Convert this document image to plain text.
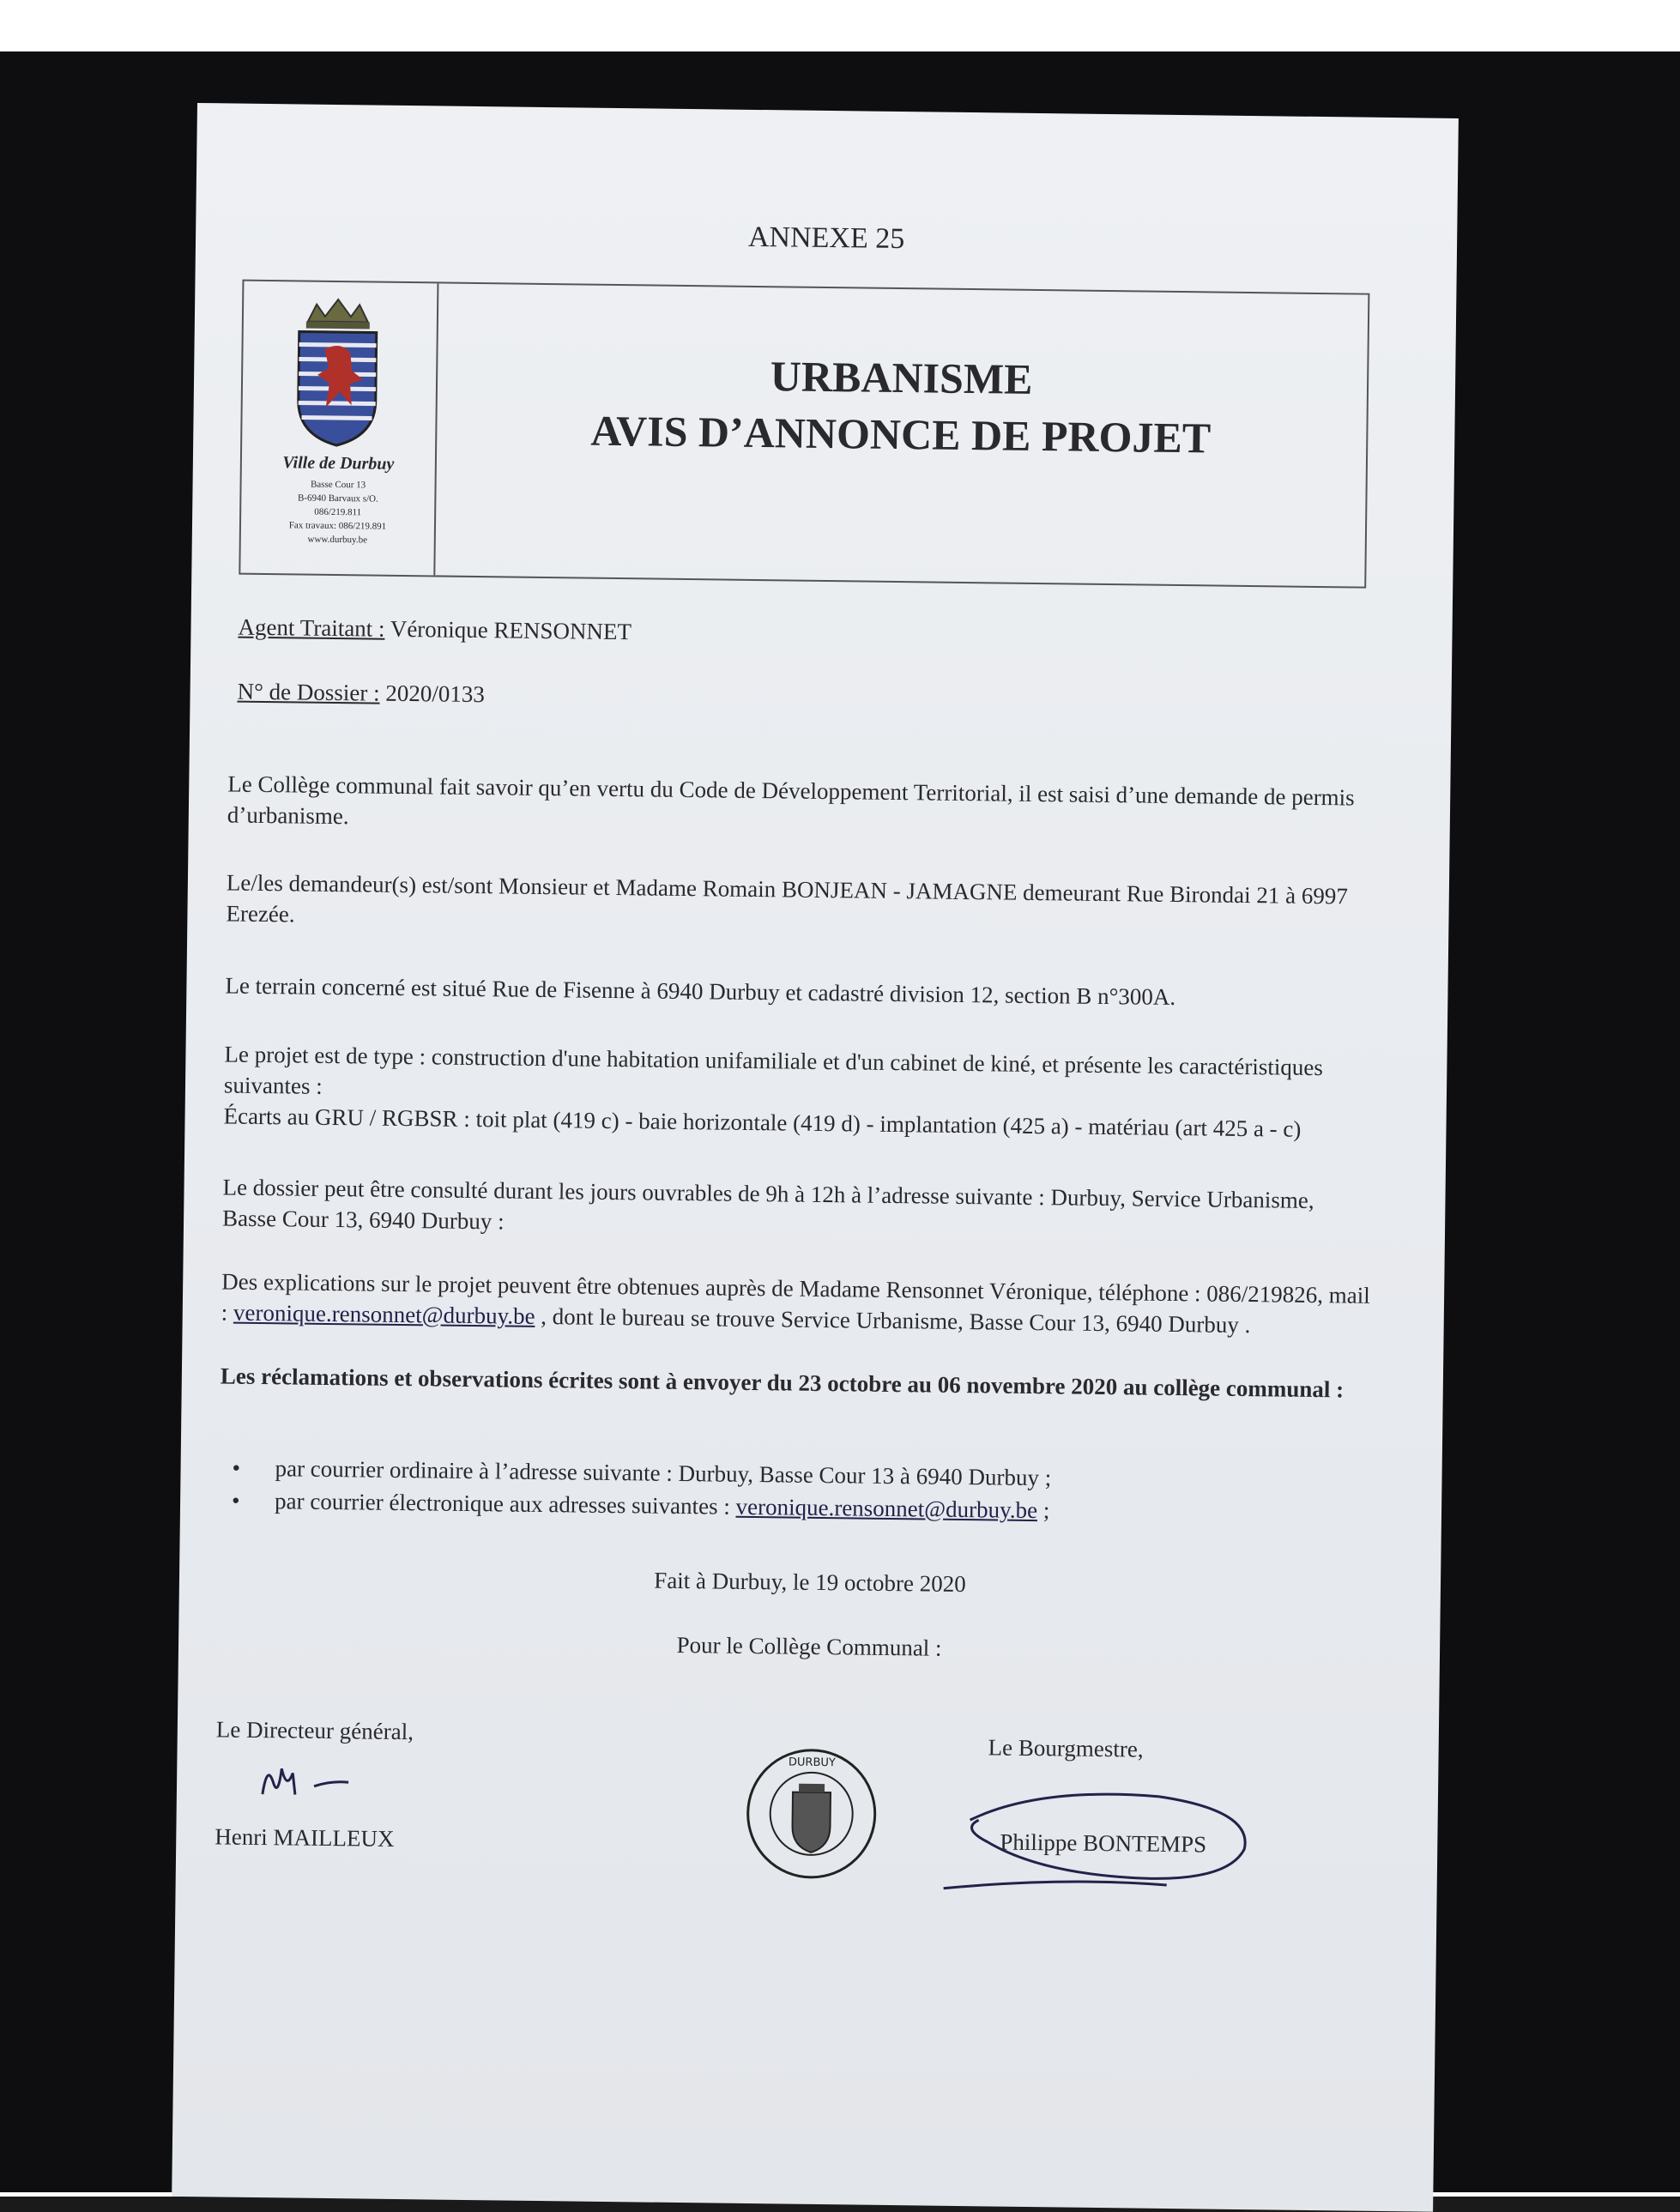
ANNEXE 25
Ville de Durbuy
Basse Cour 13
B-6940 Barvaux s/O.
086/219.811
Fax travaux: 086/219.891
www.durbuy.be
URBANISME
AVIS D’ANNONCE DE PROJET
Agent Traitant : Véronique RENSONNET
N° de Dossier : 2020/0133
Le Collège communal fait savoir qu’en vertu du Code de Développement Territorial, il est saisi d’une demande de permis d’urbanisme.
Le/les demandeur(s) est/sont Monsieur et Madame Romain BONJEAN - JAMAGNE demeurant Rue Birondai 21 à 6997 Erezée.
Le terrain concerné est situé Rue de Fisenne à 6940 Durbuy et cadastré division 12, section B n°300A.
Le projet est de type : construction d'une habitation unifamiliale et d'un cabinet de kiné, et présente les caractéristiques suivantes :
Écarts au GRU / RGBSR : toit plat (419 c) - baie horizontale (419 d) - implantation (425 a) - matériau (art 425 a - c)
Le dossier peut être consulté durant les jours ouvrables de 9h à 12h à l’adresse suivante : Durbuy, Service Urbanisme, Basse Cour 13, 6940 Durbuy :
Des explications sur le projet peuvent être obtenues auprès de Madame Rensonnet Véronique, téléphone : 086/219826, mail : veronique.rensonnet@durbuy.be , dont le bureau se trouve Service Urbanisme, Basse Cour 13, 6940 Durbuy .
Les réclamations et observations écrites sont à envoyer du 23 octobre au 06 novembre 2020 au collège communal :
• par courrier ordinaire à l’adresse suivante : Durbuy, Basse Cour 13 à 6940 Durbuy ;
• par courrier électronique aux adresses suivantes : veronique.rensonnet@durbuy.be ;
Fait à Durbuy, le 19 octobre 2020
Pour le Collège Communal :
Le Directeur général,
Henri MAILLEUX
DURBUY
Le Bourgmestre,
Philippe BONTEMPS
